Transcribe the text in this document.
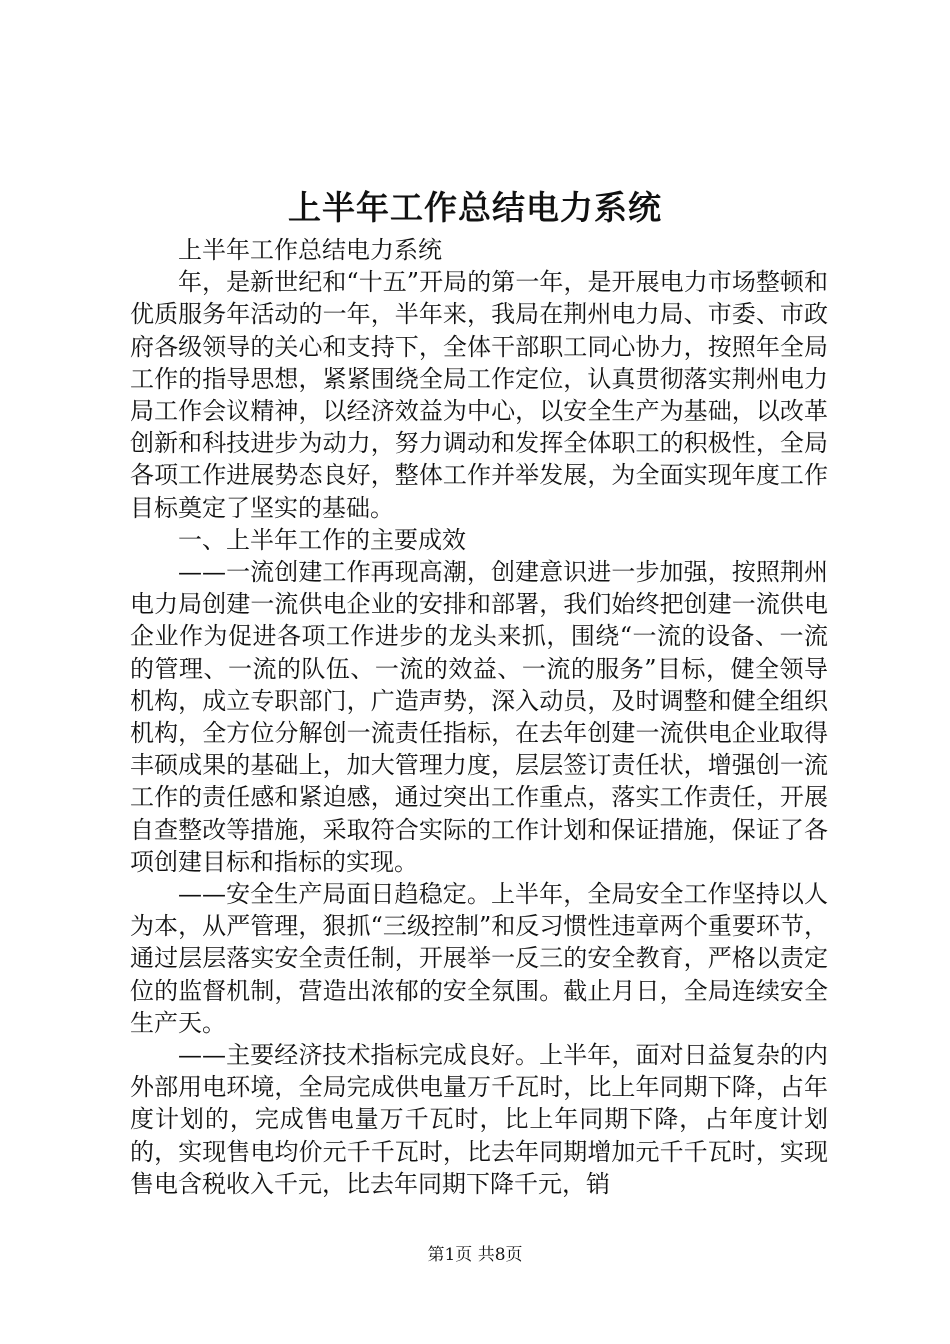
上半年工作总结电力系统

上半年工作总结电力系统

年，是新世纪和“十五”开局的第一年，是开展电力市场整顿和优质服务年活动的一年，半年来，我局在荆州电力局、市委、市政府各级领导的关心和支持下，全体干部职工同心协力，按照年全局工作的指导思想，紧紧围绕全局工作定位，认真贯彻落实荆州电力局工作会议精神，以经济效益为中心，以安全生产为基础，以改革创新和科技进步为动力，努力调动和发挥全体职工的积极性，全局各项工作进展势态良好，整体工作并举发展，为全面实现年度工作目标奠定了坚实的基础。

一、上半年工作的主要成效

——一流创建工作再现高潮，创建意识进一步加强，按照荆州电力局创建一流供电企业的安排和部署，我们始终把创建一流供电企业作为促进各项工作进步的龙头来抓，围绕“一流的设备、一流的管理、一流的队伍、一流的效益、一流的服务”目标，健全领导机构，成立专职部门，广造声势，深入动员，及时调整和健全组织机构，全方位分解创一流责任指标，在去年创建一流供电企业取得丰硕成果的基础上，加大管理力度，层层签订责任状，增强创一流工作的责任感和紧迫感，通过突出工作重点，落实工作责任，开展自查整改等措施，采取符合实际的工作计划和保证措施，保证了各项创建目标和指标的实现。

——安全生产局面日趋稳定。上半年，全局安全工作坚持以人为本，从严管理，狠抓“三级控制”和反习惯性违章两个重要环节，通过层层落实安全责任制，开展举一反三的安全教育，严格以责定位的监督机制，营造出浓郁的安全氛围。截止月日，全局连续安全生产天。

——主要经济技术指标完成良好。上半年，面对日益复杂的内外部用电环境，全局完成供电量万千瓦时，比上年同期下降，占年度计划的，完成售电量万千瓦时，比上年同期下降，占年度计划的，实现售电均价元千千瓦时，比去年同期增加元千千瓦时，实现售电含税收入千元，比去年同期下降千元，销

第1页 共8页
